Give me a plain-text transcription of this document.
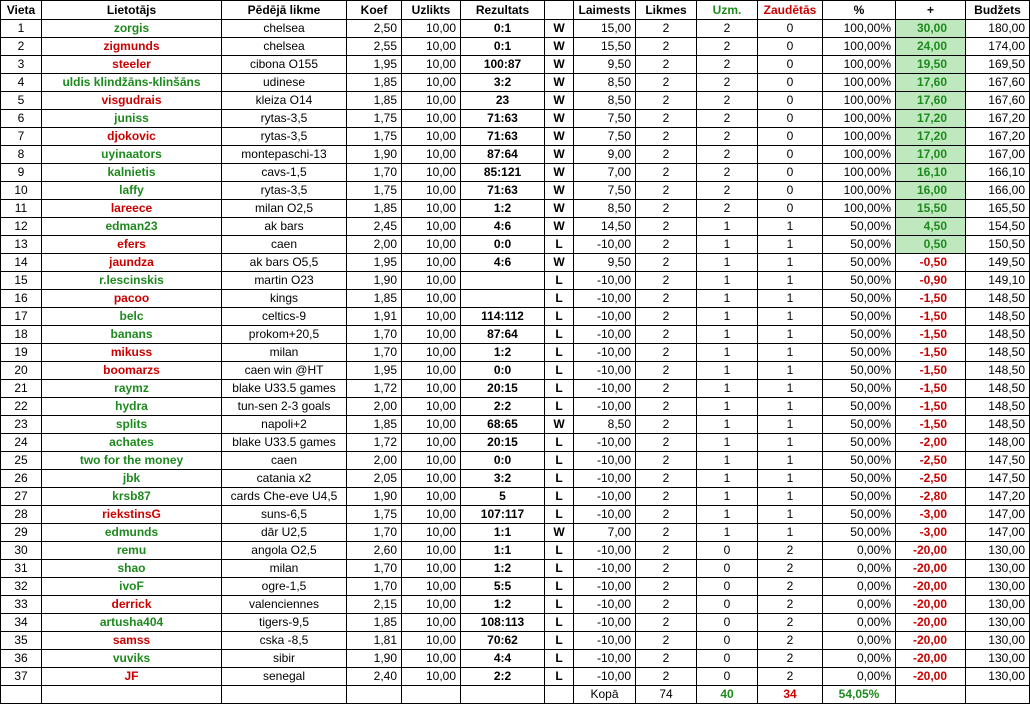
Vieta	Lietotājs	Pēdējā likme	Koef	Uzlikts	Rezultats		Laimests	Likmes	Uzm.	Zaudētās	%	+	Budžets
1	zorgis	chelsea	2,50	10,00	0:1	W	15,00	2	2	0	100,00%	30,00	180,00
2	zigmunds	chelsea	2,55	10,00	0:1	W	15,50	2	2	0	100,00%	24,00	174,00
3	steeler	cibona O155	1,95	10,00	100:87	W	9,50	2	2	0	100,00%	19,50	169,50
4	uldis klindžāns-klinšāns	udinese	1,85	10,00	3:2	W	8,50	2	2	0	100,00%	17,60	167,60
5	visgudrais	kleiza O14	1,85	10,00	23	W	8,50	2	2	0	100,00%	17,60	167,60
6	juniss	rytas-3,5	1,75	10,00	71:63	W	7,50	2	2	0	100,00%	17,20	167,20
7	djokovic	rytas-3,5	1,75	10,00	71:63	W	7,50	2	2	0	100,00%	17,20	167,20
8	uyinaators	montepaschi-13	1,90	10,00	87:64	W	9,00	2	2	0	100,00%	17,00	167,00
9	kalnietis	cavs-1,5	1,70	10,00	85:121	W	7,00	2	2	0	100,00%	16,10	166,10
10	laffy	rytas-3,5	1,75	10,00	71:63	W	7,50	2	2	0	100,00%	16,00	166,00
11	lareece	milan O2,5	1,85	10,00	1:2	W	8,50	2	2	0	100,00%	15,50	165,50
12	edman23	ak bars	2,45	10,00	4:6	W	14,50	2	1	1	50,00%	4,50	154,50
13	efers	caen	2,00	10,00	0:0	L	-10,00	2	1	1	50,00%	0,50	150,50
14	jaundza	ak bars O5,5	1,95	10,00	4:6	W	9,50	2	1	1	50,00%	-0,50	149,50
15	r.lescinskis	martin O23	1,90	10,00		L	-10,00	2	1	1	50,00%	-0,90	149,10
16	pacoo	kings	1,85	10,00		L	-10,00	2	1	1	50,00%	-1,50	148,50
17	belc	celtics-9	1,91	10,00	114:112	L	-10,00	2	1	1	50,00%	-1,50	148,50
18	banans	prokom+20,5	1,70	10,00	87:64	L	-10,00	2	1	1	50,00%	-1,50	148,50
19	mikuss	milan	1,70	10,00	1:2	L	-10,00	2	1	1	50,00%	-1,50	148,50
20	boomarzs	caen win @HT	1,95	10,00	0:0	L	-10,00	2	1	1	50,00%	-1,50	148,50
21	raymz	blake U33.5 games	1,72	10,00	20:15	L	-10,00	2	1	1	50,00%	-1,50	148,50
22	hydra	tun-sen 2-3 goals	2,00	10,00	2:2	L	-10,00	2	1	1	50,00%	-1,50	148,50
23	splits	napoli+2	1,85	10,00	68:65	W	8,50	2	1	1	50,00%	-1,50	148,50
24	achates	blake U33.5 games	1,72	10,00	20:15	L	-10,00	2	1	1	50,00%	-2,00	148,00
25	two for the money	caen	2,00	10,00	0:0	L	-10,00	2	1	1	50,00%	-2,50	147,50
26	jbk	catania x2	2,05	10,00	3:2	L	-10,00	2	1	1	50,00%	-2,50	147,50
27	krsb87	cards Che-eve U4,5	1,90	10,00	5	L	-10,00	2	1	1	50,00%	-2,80	147,20
28	riekstinsG	suns-6,5	1,75	10,00	107:117	L	-10,00	2	1	1	50,00%	-3,00	147,00
29	edmunds	dār U2,5	1,70	10,00	1:1	W	7,00	2	1	1	50,00%	-3,00	147,00
30	remu	angola O2,5	2,60	10,00	1:1	L	-10,00	2	0	2	0,00%	-20,00	130,00
31	shao	milan	1,70	10,00	1:2	L	-10,00	2	0	2	0,00%	-20,00	130,00
32	ivoF	ogre-1,5	1,70	10,00	5:5	L	-10,00	2	0	2	0,00%	-20,00	130,00
33	derrick	valenciennes	2,15	10,00	1:2	L	-10,00	2	0	2	0,00%	-20,00	130,00
34	artusha404	tigers-9,5	1,85	10,00	108:113	L	-10,00	2	0	2	0,00%	-20,00	130,00
35	samss	cska -8,5	1,81	10,00	70:62	L	-10,00	2	0	2	0,00%	-20,00	130,00
36	vuviks	sibir	1,90	10,00	4:4	L	-10,00	2	0	2	0,00%	-20,00	130,00
37	JF	senegal	2,40	10,00	2:2	L	-10,00	2	0	2	0,00%	-20,00	130,00
							Kopā	74	40	34	54,05%		
